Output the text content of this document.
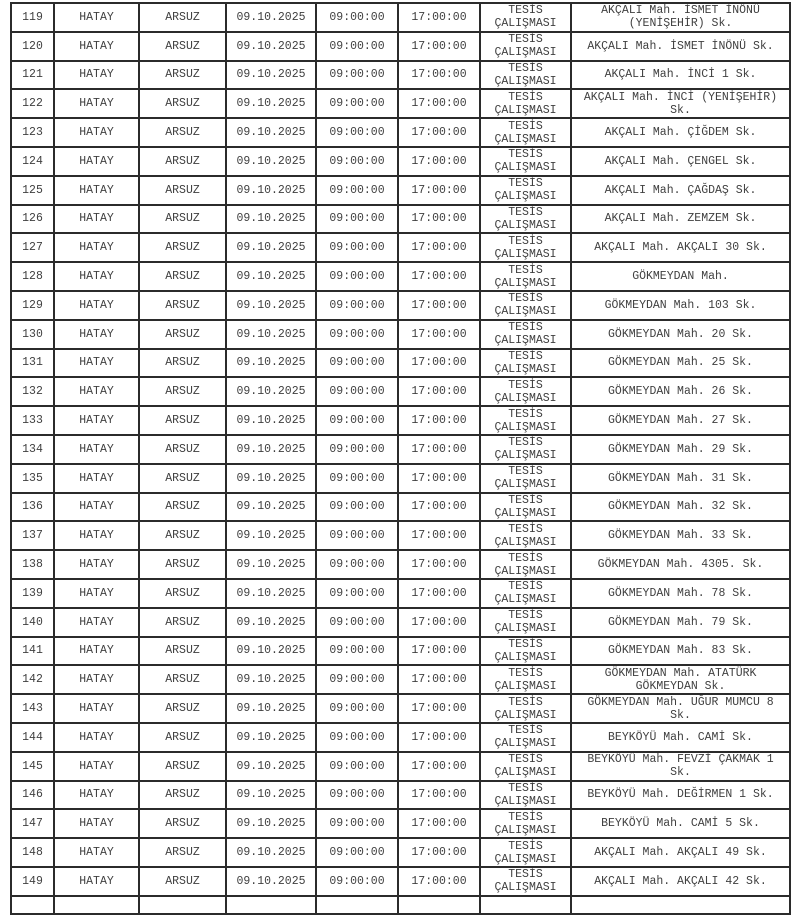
119	HATAY	ARSUZ	09.10.2025	09:00:00	17:00:00	TESİS ÇALIŞMASI	AKÇALI Mah. İSMET İNÖNÜ (YENİŞEHİR) Sk.
120	HATAY	ARSUZ	09.10.2025	09:00:00	17:00:00	TESİS ÇALIŞMASI	AKÇALI Mah. İSMET İNÖNÜ Sk.
121	HATAY	ARSUZ	09.10.2025	09:00:00	17:00:00	TESİS ÇALIŞMASI	AKÇALI Mah. İNCİ 1 Sk.
122	HATAY	ARSUZ	09.10.2025	09:00:00	17:00:00	TESİS ÇALIŞMASI	AKÇALI Mah. İNCİ (YENİŞEHİR) Sk.
123	HATAY	ARSUZ	09.10.2025	09:00:00	17:00:00	TESİS ÇALIŞMASI	AKÇALI Mah. ÇİĞDEM Sk.
124	HATAY	ARSUZ	09.10.2025	09:00:00	17:00:00	TESİS ÇALIŞMASI	AKÇALI Mah. ÇENGEL Sk.
125	HATAY	ARSUZ	09.10.2025	09:00:00	17:00:00	TESİS ÇALIŞMASI	AKÇALI Mah. ÇAĞDAŞ Sk.
126	HATAY	ARSUZ	09.10.2025	09:00:00	17:00:00	TESİS ÇALIŞMASI	AKÇALI Mah. ZEMZEM Sk.
127	HATAY	ARSUZ	09.10.2025	09:00:00	17:00:00	TESİS ÇALIŞMASI	AKÇALI Mah. AKÇALI 30 Sk.
128	HATAY	ARSUZ	09.10.2025	09:00:00	17:00:00	TESİS ÇALIŞMASI	GÖKMEYDAN Mah.
129	HATAY	ARSUZ	09.10.2025	09:00:00	17:00:00	TESİS ÇALIŞMASI	GÖKMEYDAN Mah. 103 Sk.
130	HATAY	ARSUZ	09.10.2025	09:00:00	17:00:00	TESİS ÇALIŞMASI	GÖKMEYDAN Mah. 20 Sk.
131	HATAY	ARSUZ	09.10.2025	09:00:00	17:00:00	TESİS ÇALIŞMASI	GÖKMEYDAN Mah. 25 Sk.
132	HATAY	ARSUZ	09.10.2025	09:00:00	17:00:00	TESİS ÇALIŞMASI	GÖKMEYDAN Mah. 26 Sk.
133	HATAY	ARSUZ	09.10.2025	09:00:00	17:00:00	TESİS ÇALIŞMASI	GÖKMEYDAN Mah. 27 Sk.
134	HATAY	ARSUZ	09.10.2025	09:00:00	17:00:00	TESİS ÇALIŞMASI	GÖKMEYDAN Mah. 29 Sk.
135	HATAY	ARSUZ	09.10.2025	09:00:00	17:00:00	TESİS ÇALIŞMASI	GÖKMEYDAN Mah. 31 Sk.
136	HATAY	ARSUZ	09.10.2025	09:00:00	17:00:00	TESİS ÇALIŞMASI	GÖKMEYDAN Mah. 32 Sk.
137	HATAY	ARSUZ	09.10.2025	09:00:00	17:00:00	TESİS ÇALIŞMASI	GÖKMEYDAN Mah. 33 Sk.
138	HATAY	ARSUZ	09.10.2025	09:00:00	17:00:00	TESİS ÇALIŞMASI	GÖKMEYDAN Mah. 4305. Sk.
139	HATAY	ARSUZ	09.10.2025	09:00:00	17:00:00	TESİS ÇALIŞMASI	GÖKMEYDAN Mah. 78 Sk.
140	HATAY	ARSUZ	09.10.2025	09:00:00	17:00:00	TESİS ÇALIŞMASI	GÖKMEYDAN Mah. 79 Sk.
141	HATAY	ARSUZ	09.10.2025	09:00:00	17:00:00	TESİS ÇALIŞMASI	GÖKMEYDAN Mah. 83 Sk.
142	HATAY	ARSUZ	09.10.2025	09:00:00	17:00:00	TESİS ÇALIŞMASI	GÖKMEYDAN Mah. ATATÜRK GÖKMEYDAN Sk.
143	HATAY	ARSUZ	09.10.2025	09:00:00	17:00:00	TESİS ÇALIŞMASI	GÖKMEYDAN Mah. UĞUR MUMCU 8 Sk.
144	HATAY	ARSUZ	09.10.2025	09:00:00	17:00:00	TESİS ÇALIŞMASI	BEYKÖYÜ Mah. CAMİ Sk.
145	HATAY	ARSUZ	09.10.2025	09:00:00	17:00:00	TESİS ÇALIŞMASI	BEYKÖYÜ Mah. FEVZİ ÇAKMAK 1 Sk.
146	HATAY	ARSUZ	09.10.2025	09:00:00	17:00:00	TESİS ÇALIŞMASI	BEYKÖYÜ Mah. DEĞİRMEN 1 Sk.
147	HATAY	ARSUZ	09.10.2025	09:00:00	17:00:00	TESİS ÇALIŞMASI	BEYKÖYÜ Mah. CAMİ 5 Sk.
148	HATAY	ARSUZ	09.10.2025	09:00:00	17:00:00	TESİS ÇALIŞMASI	AKÇALI Mah. AKÇALI 49 Sk.
149	HATAY	ARSUZ	09.10.2025	09:00:00	17:00:00	TESİS ÇALIŞMASI	AKÇALI Mah. AKÇALI 42 Sk.
